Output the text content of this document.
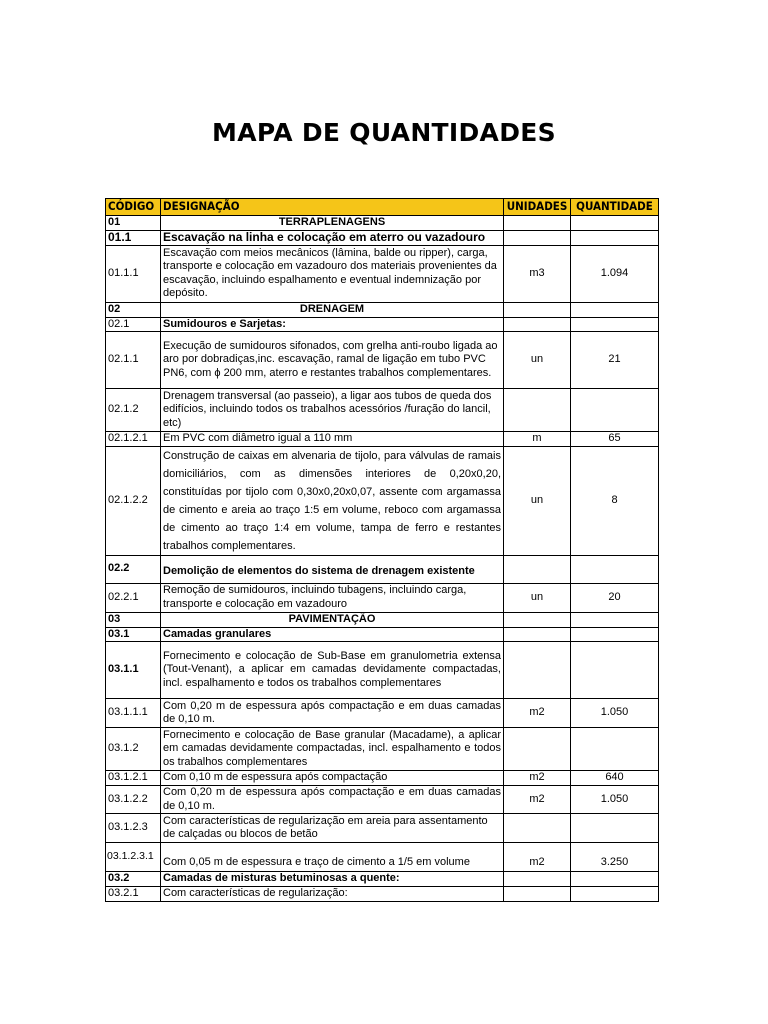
MAPA DE QUANTIDADES
CÓDIGO	DESIGNAÇÃO	UNIDADES	QUANTIDADE
01	TERRAPLENAGENS		
01.1	Escavação na linha e colocação em aterro ou vazadouro		
01.1.1	Escavação com meios mecânicos (lâmina, balde ou ripper), carga, transporte e colocação em vazadouro dos materiais provenientes da escavação, incluindo espalhamento e eventual indemnização por depósito.	m3	1.094
02	DRENAGEM		
02.1	Sumidouros e Sarjetas:		
02.1.1	Execução de sumidouros sifonados, com grelha anti-roubo ligada ao aro por dobradiças,inc. escavação, ramal de ligação em tubo PVC PN6, com ϕ 200 mm, aterro e restantes trabalhos complementares.	un	21
02.1.2	Drenagem transversal (ao passeio), a ligar aos tubos de queda dos edifícios, incluindo todos os trabalhos acessórios /furação do lancil, etc)		
02.1.2.1	Em PVC com diâmetro igual a 110 mm	m	65
02.1.2.2	Construção de caixas em alvenaria de tijolo, para válvulas de ramais domiciliários, com as dimensões interiores de 0,20x0,20, constituídas por tijolo com 0,30x0,20x0,07, assente com argamassa de cimento e areia ao traço 1:5 em volume, reboco com argamassa de cimento ao traço 1:4 em volume, tampa de ferro e restantes trabalhos complementares.	un	8
02.2	Demolição de elementos do sistema de drenagem existente		
02.2.1	Remoção de sumidouros, incluindo tubagens, incluindo carga, transporte e colocação em vazadouro	un	20
03	PAVIMENTAÇÃO		
03.1	Camadas granulares		
03.1.1	Fornecimento e colocação de Sub-Base em granulometria extensa (Tout-Venant), a aplicar em camadas devidamente compactadas, incl. espalhamento e todos os trabalhos complementares		
03.1.1.1	Com 0,20 m de espessura após compactação e em duas camadas de 0,10 m.	m2	1.050
03.1.2	Fornecimento e colocação de Base granular (Macadame), a aplicar em camadas devidamente compactadas, incl. espalhamento e todos os trabalhos complementares		
03.1.2.1	Com 0,10 m de espessura após compactação	m2	640
03.1.2.2	Com 0,20 m de espessura após compactação e em duas camadas de 0,10 m.	m2	1.050
03.1.2.3	Com características de regularização em areia para assentamento de calçadas ou blocos de betão		
03.1.2.3.1	Com 0,05 m de espessura e traço de cimento a 1/5 em volume	m2	3.250
03.2	Camadas de misturas betuminosas a quente:		
03.2.1	Com características de regularização:		
